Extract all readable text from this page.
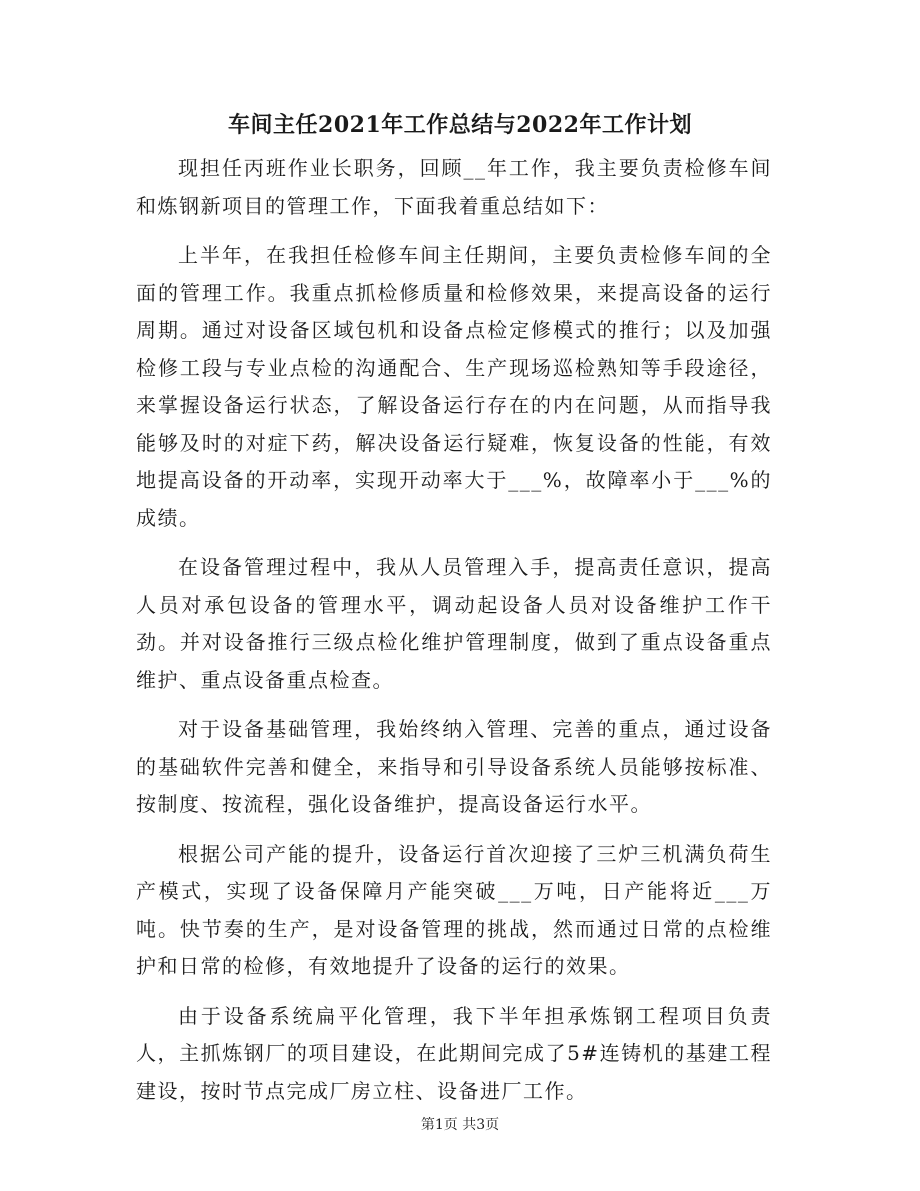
车间主任2021年工作总结与2022年工作计划

现担任丙班作业长职务，回顾__年工作，我主要负责检修车间和炼钢新项目的管理工作，下面我着重总结如下：

上半年，在我担任检修车间主任期间，主要负责检修车间的全面的管理工作。我重点抓检修质量和检修效果，来提高设备的运行周期。通过对设备区域包机和设备点检定修模式的推行；以及加强检修工段与专业点检的沟通配合、生产现场巡检熟知等手段途径，来掌握设备运行状态，了解设备运行存在的内在问题，从而指导我能够及时的对症下药，解决设备运行疑难，恢复设备的性能，有效地提高设备的开动率，实现开动率大于___%，故障率小于___%的成绩。

在设备管理过程中，我从人员管理入手，提高责任意识，提高人员对承包设备的管理水平，调动起设备人员对设备维护工作干劲。并对设备推行三级点检化维护管理制度，做到了重点设备重点维护、重点设备重点检查。

对于设备基础管理，我始终纳入管理、完善的重点，通过设备的基础软件完善和健全，来指导和引导设备系统人员能够按标准、按制度、按流程，强化设备维护，提高设备运行水平。

根据公司产能的提升，设备运行首次迎接了三炉三机满负荷生产模式，实现了设备保障月产能突破___万吨，日产能将近___万吨。快节奏的生产，是对设备管理的挑战，然而通过日常的点检维护和日常的检修，有效地提升了设备的运行的效果。

由于设备系统扁平化管理，我下半年担承炼钢工程项目负责人，主抓炼钢厂的项目建设，在此期间完成了5#连铸机的基建工程建设，按时节点完成厂房立柱、设备进厂工作。

第1页 共3页
